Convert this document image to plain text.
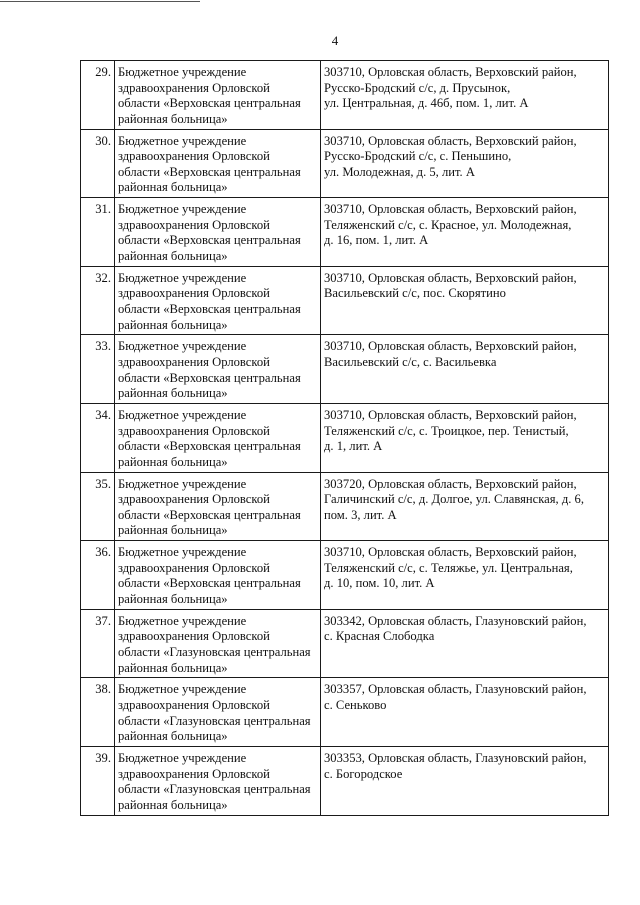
4
29.	Бюджетное учреждение
здравоохранения Орловской
области «Верховская центральная
районная больница»	303710, Орловская область, Верховский район,
Русско-Бродский с/с, д. Прусынок,
ул. Центральная, д. 46б, пом. 1, лит. А

30.	Бюджетное учреждение
здравоохранения Орловской
области «Верховская центральная
районная больница»	303710, Орловская область, Верховский район,
Русско-Бродский с/с, с. Пеньшино,
ул. Молодежная, д. 5, лит. А

31.	Бюджетное учреждение
здравоохранения Орловской
области «Верховская центральная
районная больница»	303710, Орловская область, Верховский район,
Теляженский с/с, с. Красное, ул. Молодежная,
д. 16, пом. 1, лит. А

32.	Бюджетное учреждение
здравоохранения Орловской
области «Верховская центральная
районная больница»	303710, Орловская область, Верховский район,
Васильевский с/с, пос. Скорятино

33.	Бюджетное учреждение
здравоохранения Орловской
области «Верховская центральная
районная больница»	303710, Орловская область, Верховский район,
Васильевский с/с, с. Васильевка

34.	Бюджетное учреждение
здравоохранения Орловской
области «Верховская центральная
районная больница»	303710, Орловская область, Верховский район,
Теляженский с/с, с. Троицкое, пер. Тенистый,
д. 1, лит. А

35.	Бюджетное учреждение
здравоохранения Орловской
области «Верховская центральная
районная больница»	303720, Орловская область, Верховский район,
Галичинский с/с, д. Долгое, ул. Славянская, д. 6,
пом. 3, лит. А

36.	Бюджетное учреждение
здравоохранения Орловской
области «Верховская центральная
районная больница»	303710, Орловская область, Верховский район,
Теляженский с/с, с. Теляжье, ул. Центральная,
д. 10, пом. 10, лит. А

37.	Бюджетное учреждение
здравоохранения Орловской
области «Глазуновская центральная
районная больница»	303342, Орловская область, Глазуновский район,
с. Красная Слободка

38.	Бюджетное учреждение
здравоохранения Орловской
области «Глазуновская центральная
районная больница»	303357, Орловская область, Глазуновский район,
с. Сеньково

39.	Бюджетное учреждение
здравоохранения Орловской
области «Глазуновская центральная
районная больница»	303353, Орловская область, Глазуновский район,
с. Богородское
